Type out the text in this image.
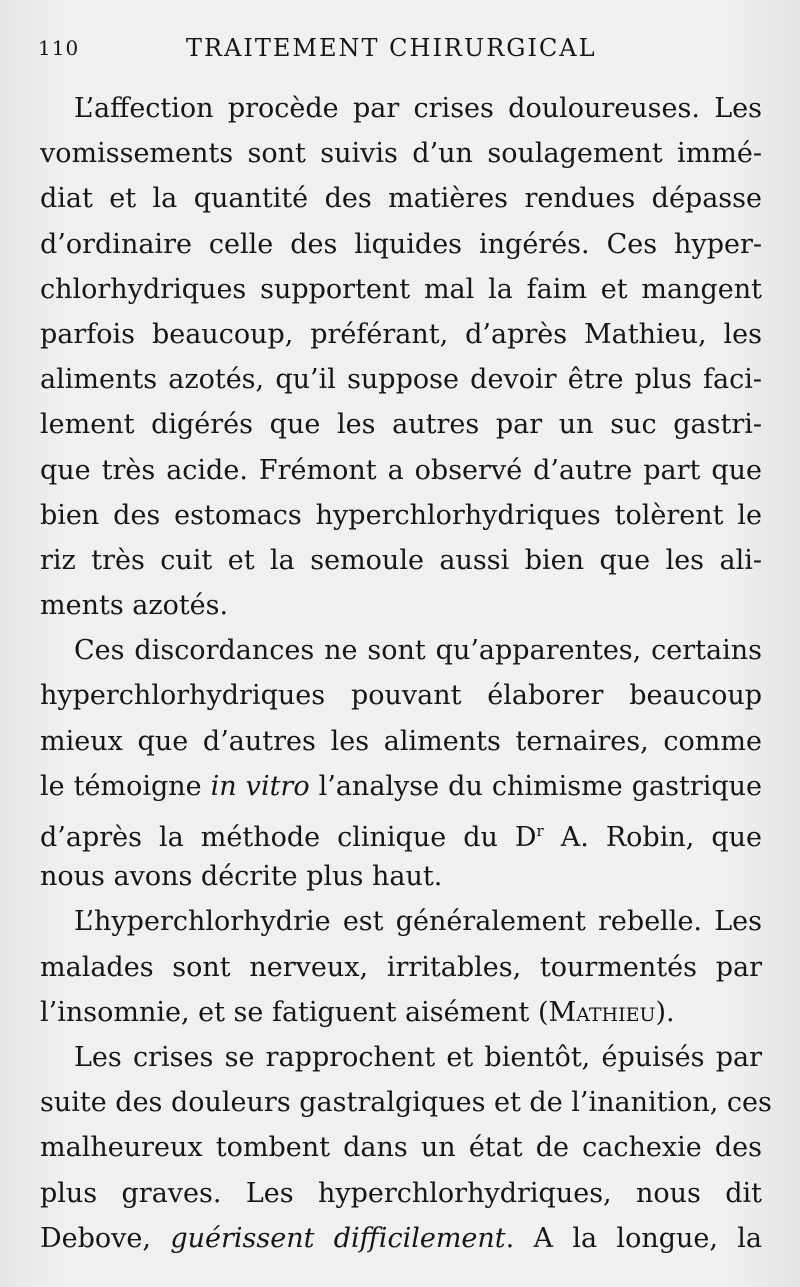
110	TRAITEMENT CHIRURGICAL
L’affection procède par crises douloureuses. Les
vomissements sont suivis d’un soulagement immé-
diat et la quantité des matières rendues dépasse
d’ordinaire celle des liquides ingérés. Ces hyper-
chlorhydriques supportent mal la faim et mangent
parfois beaucoup, préférant, d’après Mathieu, les
aliments azotés, qu’il suppose devoir être plus faci-
lement digérés que les autres par un suc gastri-
que très acide. Frémont a observé d’autre part que
bien des estomacs hyperchlorhydriques tolèrent le
riz très cuit et la semoule aussi bien que les ali-
ments azotés.
Ces discordances ne sont qu’apparentes, certains
hyperchlorhydriques pouvant élaborer beaucoup
mieux que d’autres les aliments ternaires, comme
le témoigne in vitro l’analyse du chimisme gastrique
d’après la méthode clinique du $D^r$ A. Robin, que
nous avons décrite plus haut.
L’hyperchlorhydrie est généralement rebelle. Les
malades sont nerveux, irritables, tourmentés par
l’insomnie, et se fatiguent aisément (Mathieu).
Les crises se rapprochent et bientôt, épuisés par
suite des douleurs gastralgiques et de l’inanition, ces
malheureux tombent dans un état de cachexie des
plus graves. Les hyperchlorhydriques, nous dit
Debove, guérissent difficilement. A la longue, la
